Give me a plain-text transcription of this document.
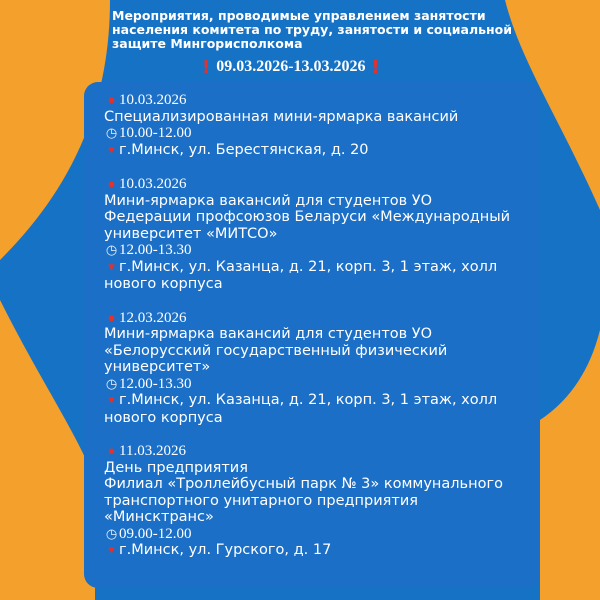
Мероприятия, проводимые управлением занятости населения комитета по труду, занятости и социальной защите Мингорисполкома
! 09.03.2026-13.03.2026 !
● 10.03.2026
Специализированная мини-ярмарка вакансий
◷ 10.00-12.00
▾ г.Минск, ул. Берестянская, д. 20
● 10.03.2026
Мини-ярмарка вакансий для студентов УО
Федерации профсоюзов Беларуси «Международный
университет «МИТСО»
◷ 12.00-13.30
▾ г.Минск, ул. Казанца, д. 21, корп. 3, 1 этаж, холл
нового корпуса
● 12.03.2026
Мини-ярмарка вакансий для студентов УО
«Белорусский государственный физический
университет»
◷ 12.00-13.30
▾ г.Минск, ул. Казанца, д. 21, корп. 3, 1 этаж, холл
нового корпуса
● 11.03.2026
День предприятия
Филиал «Троллейбусный парк № 3» коммунального
транспортного унитарного предприятия
«Минсктранс»
◷ 09.00-12.00
▾ г.Минск, ул. Гурского, д. 17
